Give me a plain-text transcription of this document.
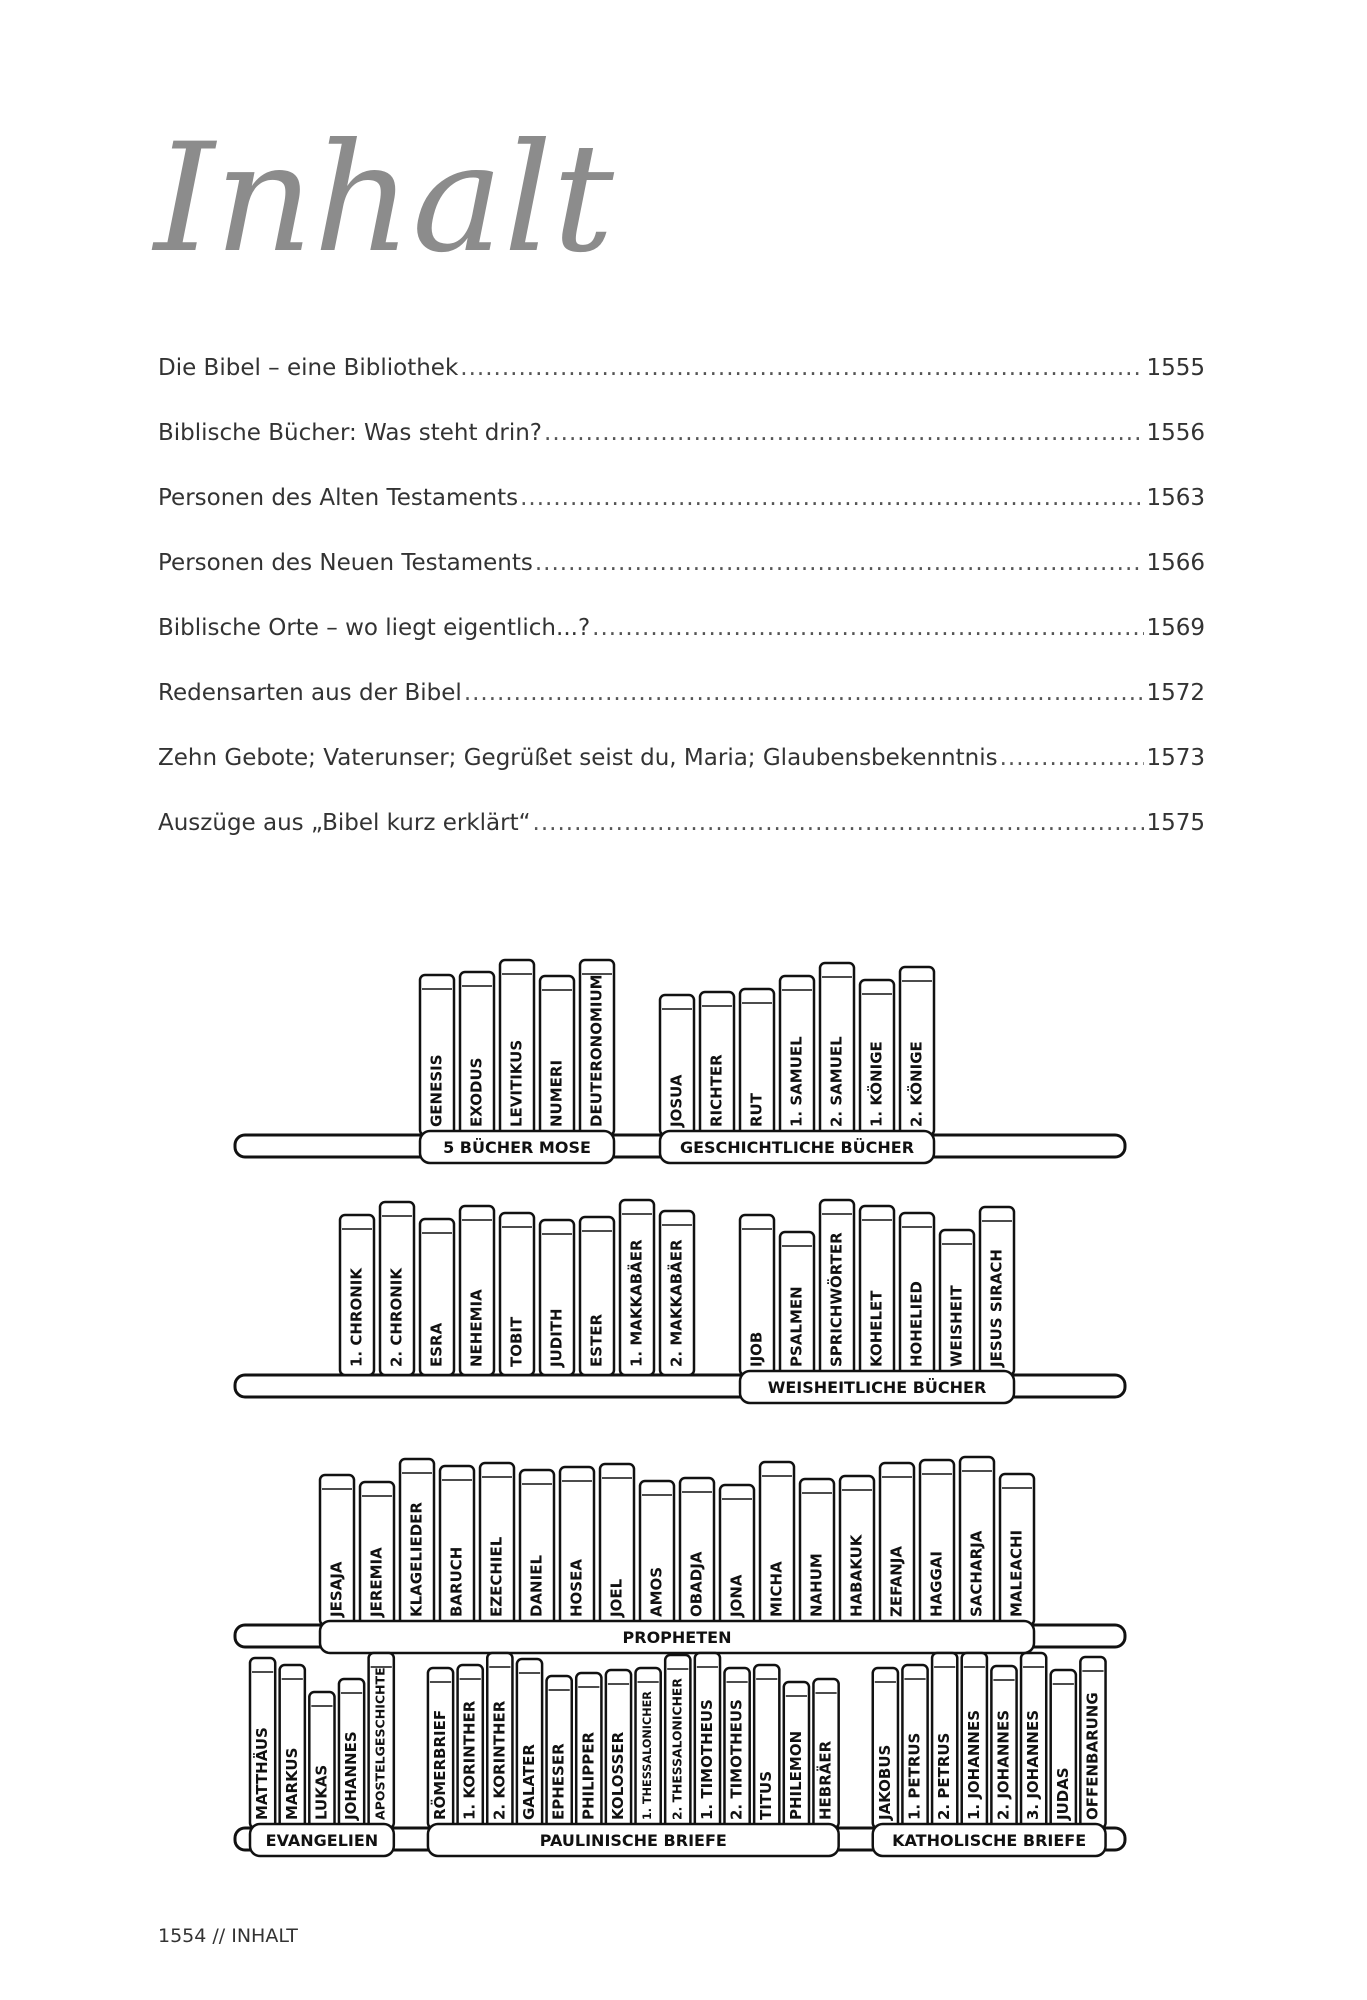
Inhalt
Die Bibel – eine Bibliothek .....	1555
Biblische Bücher: Was steht drin? .....	1556
Personen des Alten Testaments .....	1563
Personen des Neuen Testaments .....	1566
Biblische Orte – wo liegt eigentlich...? .....	1569
Redensarten aus der Bibel .....	1572
Zehn Gebote; Vaterunser; Gegrüßet seist du, Maria; Glaubensbekenntnis .....	1573
Auszüge aus „Bibel kurz erklärt“ .....	1575
GENESIS EXODUS LEVITIKUS NUMERI DEUTERONOMIUM
5 BÜCHER MOSE
JOSUA RICHTER RUT 1. SAMUEL 2. SAMUEL 1. KÖNIGE 2. KÖNIGE
GESCHICHTLICHE BÜCHER
1. CHRONIK 2. CHRONIK ESRA NEHEMIA TOBIT JUDITH ESTER 1. MAKKABÄER 2. MAKKABÄER	IJOB PSALMEN SPRICHWÖRTER KOHELET HOHELIED WEISHEIT JESUS SIRACH
WEISHEITLICHE BÜCHER
JESAJA JEREMIA KLAGELIEDER BARUCH EZECHIEL DANIEL HOSEA JOEL AMOS OBADJA JONA MICHA NAHUM HABAKUK ZEFANJA HAGGAI SACHARJA MALEACHI
PROPHETEN
MATTHÄUS MARKUS LUKAS JOHANNES APOSTELGESCHICHTE
EVANGELIEN
RÖMERBRIEF 1. KORINTHER 2. KORINTHER GALATER EPHESER PHILIPPER KOLOSSER 1. THESSALONICHER 2. THESSALONICHER 1. TIMOTHEUS 2. TIMOTHEUS TITUS PHILEMON HEBRÄER
PAULINISCHE BRIEFE
JAKOBUS 1. PETRUS 2. PETRUS 1. JOHANNES 2. JOHANNES 3. JOHANNES JUDAS OFFENBARUNG
KATHOLISCHE BRIEFE
1554 // INHALT
